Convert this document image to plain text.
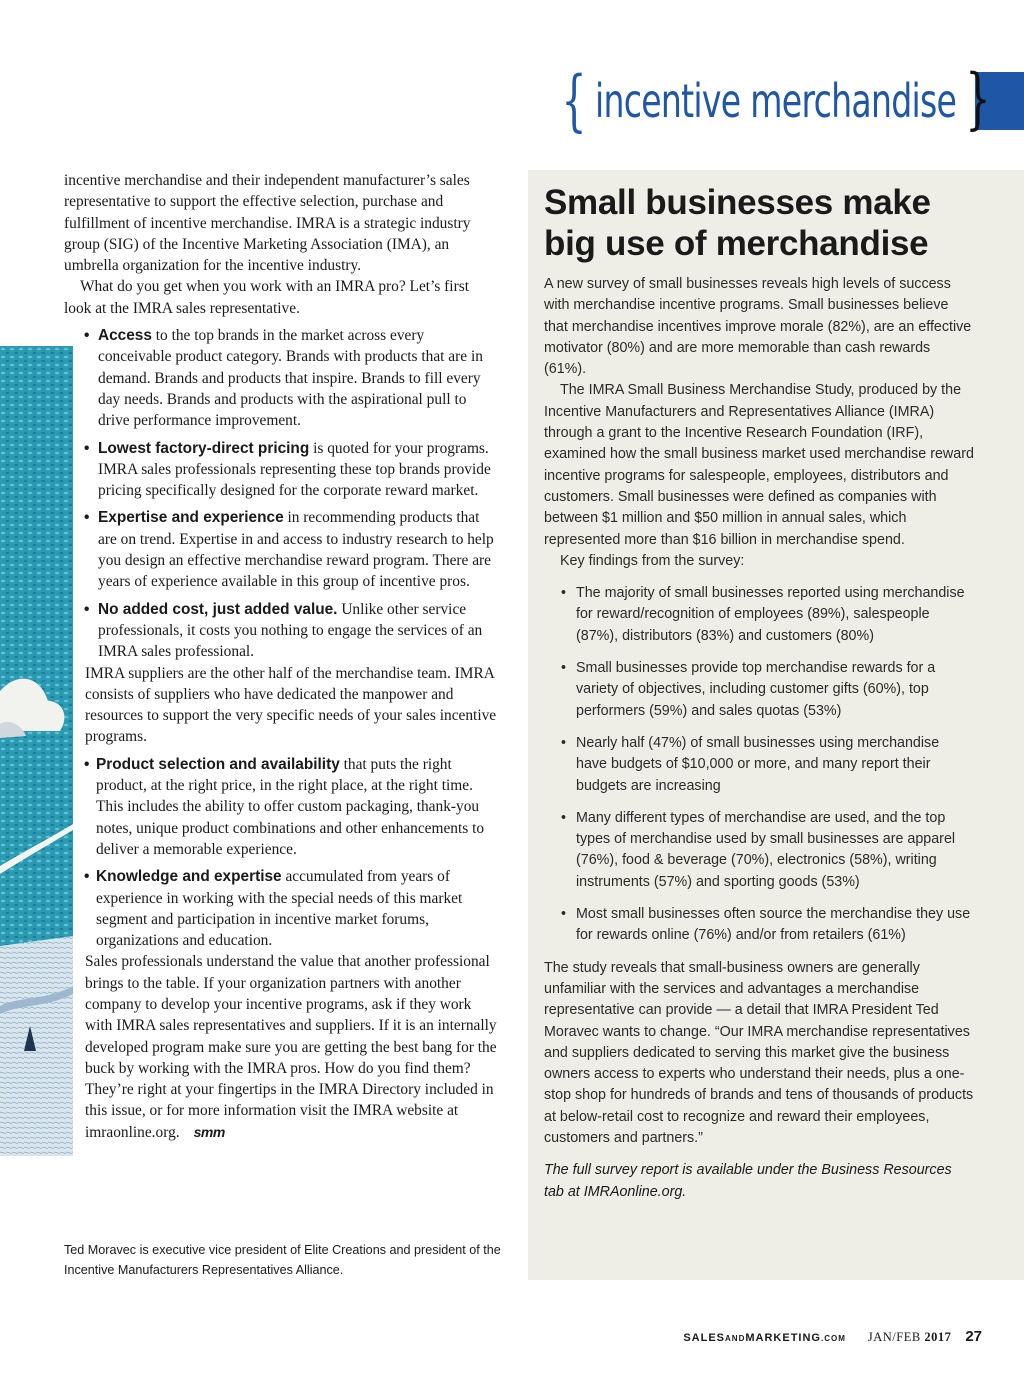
{ incentive merchandise }

incentive merchandise and their independent manufacturer’s sales representative to support the effective selection, purchase and fulfillment of incentive merchandise. IMRA is a strategic industry group (SIG) of the Incentive Marketing Association (IMA), an umbrella organization for the incentive industry.

What do you get when you work with an IMRA pro? Let’s first look at the IMRA sales representative.

• Access to the top brands in the market across every conceivable product category. Brands with products that are in demand. Brands and products that inspire. Brands to fill every day needs. Brands and products with the aspirational pull to drive performance improvement.
• Lowest factory-direct pricing is quoted for your programs. IMRA sales professionals representing these top brands provide pricing specifically designed for the corporate reward market.
• Expertise and experience in recommending products that are on trend. Expertise in and access to industry research to help you design an effective merchandise reward program. There are years of experience available in this group of incentive pros.
• No added cost, just added value. Unlike other service professionals, it costs you nothing to engage the services of an IMRA sales professional.

IMRA suppliers are the other half of the merchandise team. IMRA consists of suppliers who have dedicated the manpower and resources to support the very specific needs of your sales incentive programs.

• Product selection and availability that puts the right product, at the right price, in the right place, at the right time. This includes the ability to offer custom packaging, thank-you notes, unique product combinations and other enhancements to deliver a memorable experience.
• Knowledge and expertise accumulated from years of experience in working with the special needs of this market segment and participation in incentive market forums, organizations and education.

Sales professionals understand the value that another professional brings to the table. If your organization partners with another company to develop your incentive programs, ask if they work with IMRA sales representatives and suppliers. If it is an internally developed program make sure you are getting the best bang for the buck by working with the IMRA pros. How do you find them? They’re right at your fingertips in the IMRA Directory included in this issue, or for more information visit the IMRA website at imraonline.org. smm

Ted Moravec is executive vice president of Elite Creations and president of the Incentive Manufacturers Representatives Alliance.
Small businesses make big use of merchandise

A new survey of small businesses reveals high levels of success with merchandise incentive programs. Small businesses believe that merchandise incentives improve morale (82%), are an effective motivator (80%) and are more memorable than cash rewards (61%).

The IMRA Small Business Merchandise Study, produced by the Incentive Manufacturers and Representatives Alliance (IMRA) through a grant to the Incentive Research Foundation (IRF), examined how the small business market used merchandise reward incentive programs for salespeople, employees, distributors and customers. Small businesses were defined as companies with between $1 million and $50 million in annual sales, which represented more than $16 billion in merchandise spend.

Key findings from the survey:

• The majority of small businesses reported using merchandise for reward/recognition of employees (89%), salespeople (87%), distributors (83%) and customers (80%)
• Small businesses provide top merchandise rewards for a variety of objectives, including customer gifts (60%), top performers (59%) and sales quotas (53%)
• Nearly half (47%) of small businesses using merchandise have budgets of $10,000 or more, and many report their budgets are increasing
• Many different types of merchandise are used, and the top types of merchandise used by small businesses are apparel (76%), food & beverage (70%), electronics (58%), writing instruments (57%) and sporting goods (53%)
• Most small businesses often source the merchandise they use for rewards online (76%) and/or from retailers (61%)

The study reveals that small-business owners are generally unfamiliar with the services and advantages a merchandise representative can provide — a detail that IMRA President Ted Moravec wants to change. “Our IMRA merchandise representatives and suppliers dedicated to serving this market give the business owners access to experts who understand their needs, plus a one-stop shop for hundreds of brands and tens of thousands of products at below-retail cost to recognize and reward their employees, customers and partners.”

The full survey report is available under the Business Resources tab at IMRAonline.org.

SALESANDMARKETING.COM JAN/FEB 2017 27
